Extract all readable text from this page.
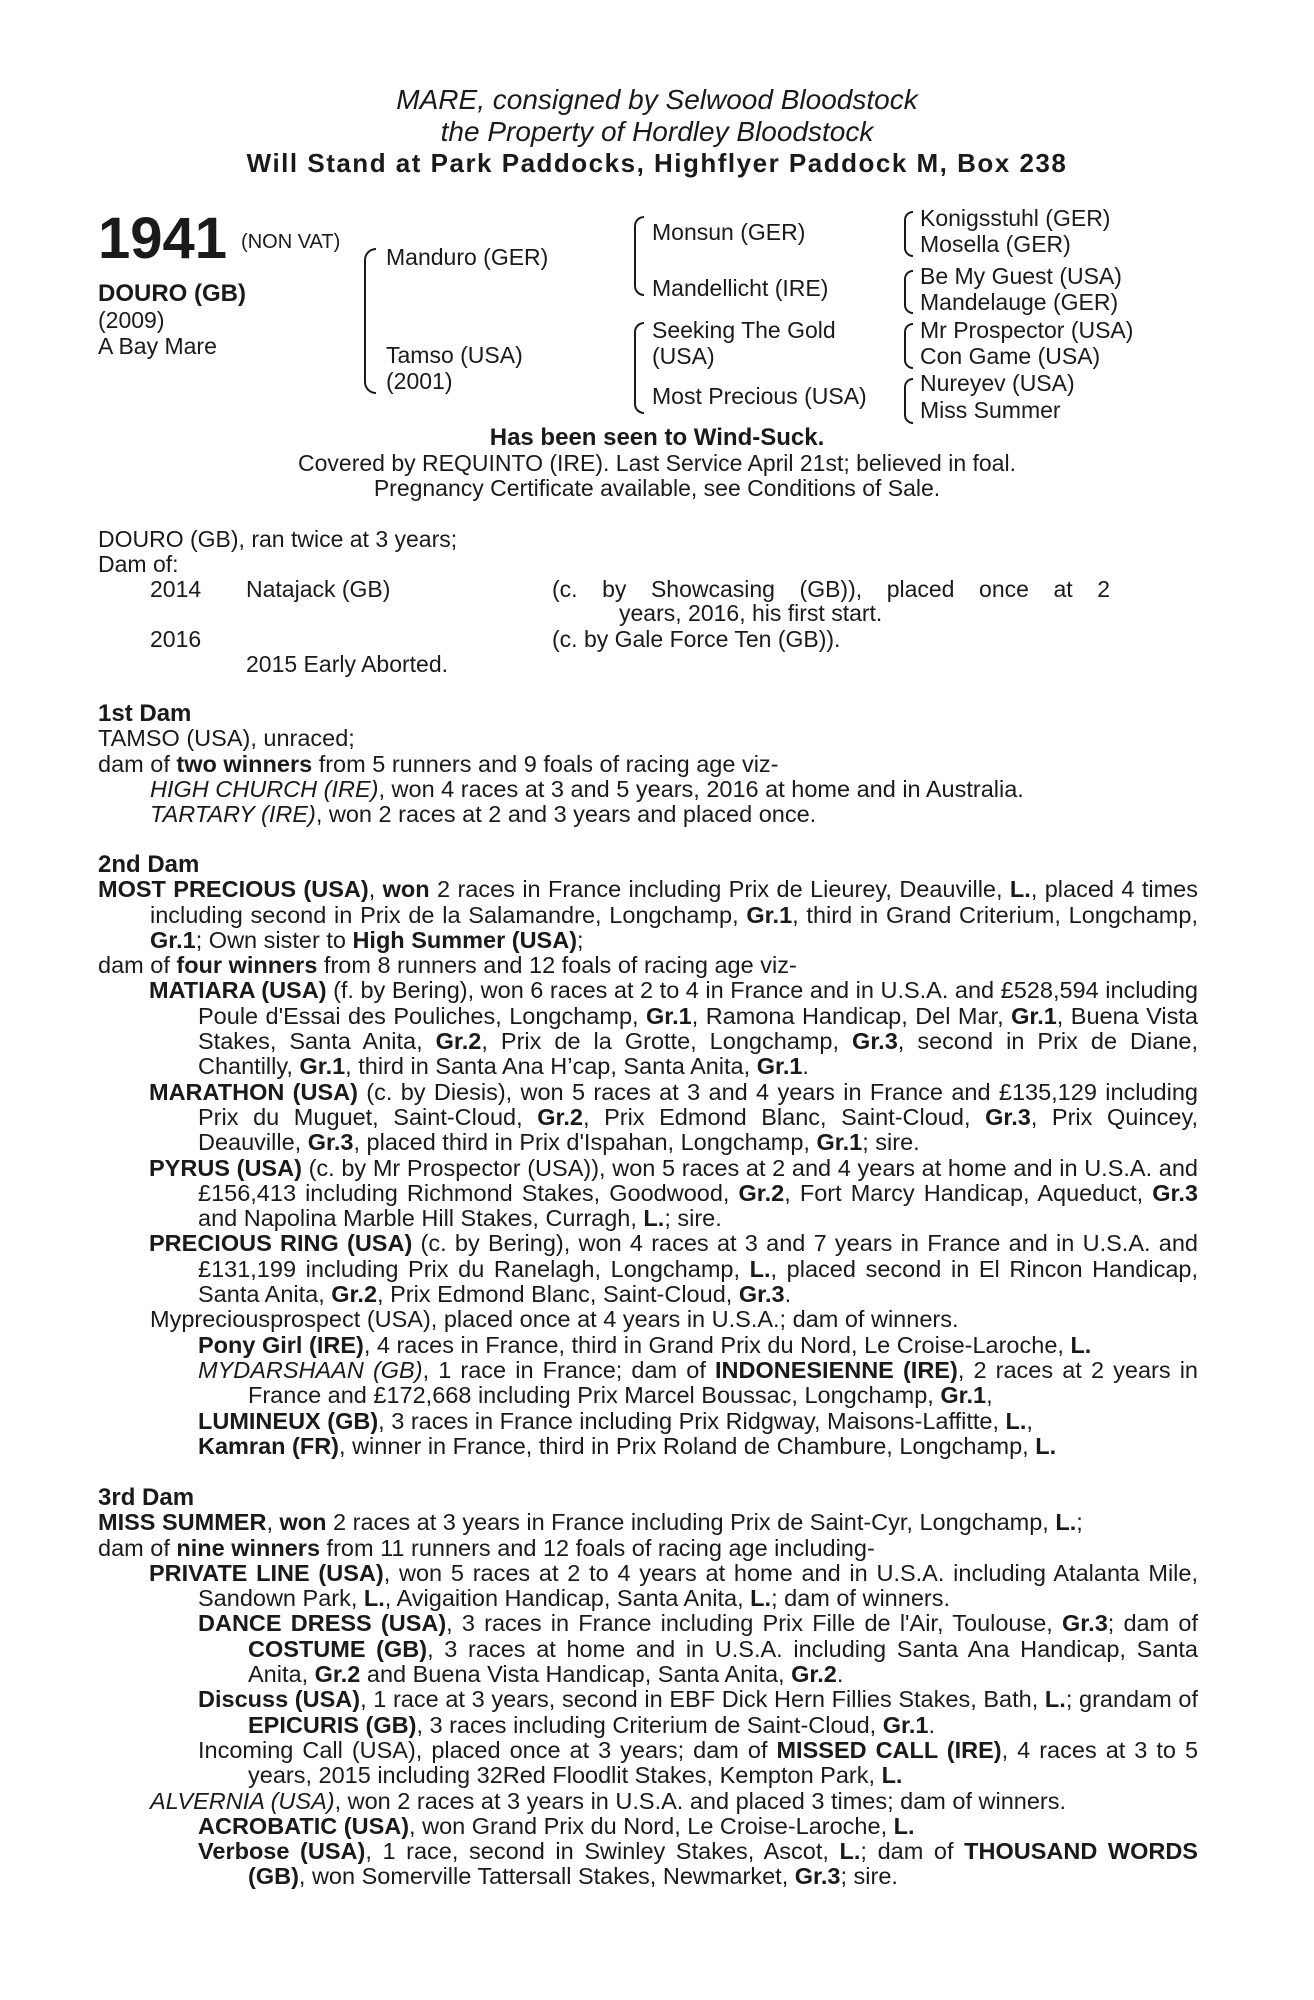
MARE, consigned by Selwood Bloodstock
the Property of Hordley Bloodstock
Will Stand at Park Paddocks, Highflyer Paddock M, Box 238
1941 (NON VAT)
DOURO (GB)
(2009)
A Bay Mare
Manduro (GER)
Tamso (USA)
(2001)
Monsun (GER)
Mandellicht (IRE)
Seeking The Gold
(USA)
Most Precious (USA)
Konigsstuhl (GER)
Mosella (GER)
Be My Guest (USA)
Mandelauge (GER)
Mr Prospector (USA)
Con Game (USA)
Nureyev (USA)
Miss Summer
Has been seen to Wind-Suck.
Covered by REQUINTO (IRE). Last Service April 21st; believed in foal.
Pregnancy Certificate available, see Conditions of Sale.
DOURO (GB), ran twice at 3 years;
Dam of:
2014 Natajack (GB)	(c. by Showcasing (GB)), placed once at 2
years, 2016, his first start.
2016	(c. by Gale Force Ten (GB)).
2015 Early Aborted.

1st Dam

TAMSO (USA), unraced;

dam of two winners from 5 runners and 9 foals of racing age viz-

HIGH CHURCH (IRE), won 4 races at 3 and 5 years, 2016 at home and in Australia.

TARTARY (IRE), won 2 races at 2 and 3 years and placed once.

2nd Dam

MOST PRECIOUS (USA), won 2 races in France including Prix de Lieurey, Deauville, L., placed 4 times including second in Prix de la Salamandre, Longchamp, Gr.1, third in Grand Criterium, Longchamp, Gr.1; Own sister to High Summer (USA);

dam of four winners from 8 runners and 12 foals of racing age viz-

MATIARA (USA) (f. by Bering), won 6 races at 2 to 4 in France and in U.S.A. and £528,594 including Poule d'Essai des Pouliches, Longchamp, Gr.1, Ramona Handicap, Del Mar, Gr.1, Buena Vista Stakes, Santa Anita, Gr.2, Prix de la Grotte, Longchamp, Gr.3, second in Prix de Diane, Chantilly, Gr.1, third in Santa Ana H’cap, Santa Anita, Gr.1.

MARATHON (USA) (c. by Diesis), won 5 races at 3 and 4 years in France and £135,129 including Prix du Muguet, Saint-Cloud, Gr.2, Prix Edmond Blanc, Saint-Cloud, Gr.3, Prix Quincey, Deauville, Gr.3, placed third in Prix d'Ispahan, Longchamp, Gr.1; sire.

PYRUS (USA) (c. by Mr Prospector (USA)), won 5 races at 2 and 4 years at home and in U.S.A. and £156,413 including Richmond Stakes, Goodwood, Gr.2, Fort Marcy Handicap, Aqueduct, Gr.3 and Napolina Marble Hill Stakes, Curragh, L.; sire.

PRECIOUS RING (USA) (c. by Bering), won 4 races at 3 and 7 years in France and in U.S.A. and £131,199 including Prix du Ranelagh, Longchamp, L., placed second in El Rincon Handicap, Santa Anita, Gr.2, Prix Edmond Blanc, Saint-Cloud, Gr.3.

Mypreciousprospect (USA), placed once at 4 years in U.S.A.; dam of winners.

Pony Girl (IRE), 4 races in France, third in Grand Prix du Nord, Le Croise-Laroche, L.

MYDARSHAAN (GB), 1 race in France; dam of INDONESIENNE (IRE), 2 races at 2 years in France and £172,668 including Prix Marcel Boussac, Longchamp, Gr.1,

LUMINEUX (GB), 3 races in France including Prix Ridgway, Maisons-Laffitte, L.,

Kamran (FR), winner in France, third in Prix Roland de Chambure, Longchamp, L.

3rd Dam

MISS SUMMER, won 2 races at 3 years in France including Prix de Saint-Cyr, Longchamp, L.;

dam of nine winners from 11 runners and 12 foals of racing age including-

PRIVATE LINE (USA), won 5 races at 2 to 4 years at home and in U.S.A. including Atalanta Mile, Sandown Park, L., Avigaition Handicap, Santa Anita, L.; dam of winners.

DANCE DRESS (USA), 3 races in France including Prix Fille de l'Air, Toulouse, Gr.3; dam of COSTUME (GB), 3 races at home and in U.S.A. including Santa Ana Handicap, Santa Anita, Gr.2 and Buena Vista Handicap, Santa Anita, Gr.2.

Discuss (USA), 1 race at 3 years, second in EBF Dick Hern Fillies Stakes, Bath, L.; grandam of EPICURIS (GB), 3 races including Criterium de Saint-Cloud, Gr.1.

Incoming Call (USA), placed once at 3 years; dam of MISSED CALL (IRE), 4 races at 3 to 5 years, 2015 including 32Red Floodlit Stakes, Kempton Park, L.

ALVERNIA (USA), won 2 races at 3 years in U.S.A. and placed 3 times; dam of winners.

ACROBATIC (USA), won Grand Prix du Nord, Le Croise-Laroche, L.

Verbose (USA), 1 race, second in Swinley Stakes, Ascot, L.; dam of THOUSAND WORDS (GB), won Somerville Tattersall Stakes, Newmarket, Gr.3; sire.
